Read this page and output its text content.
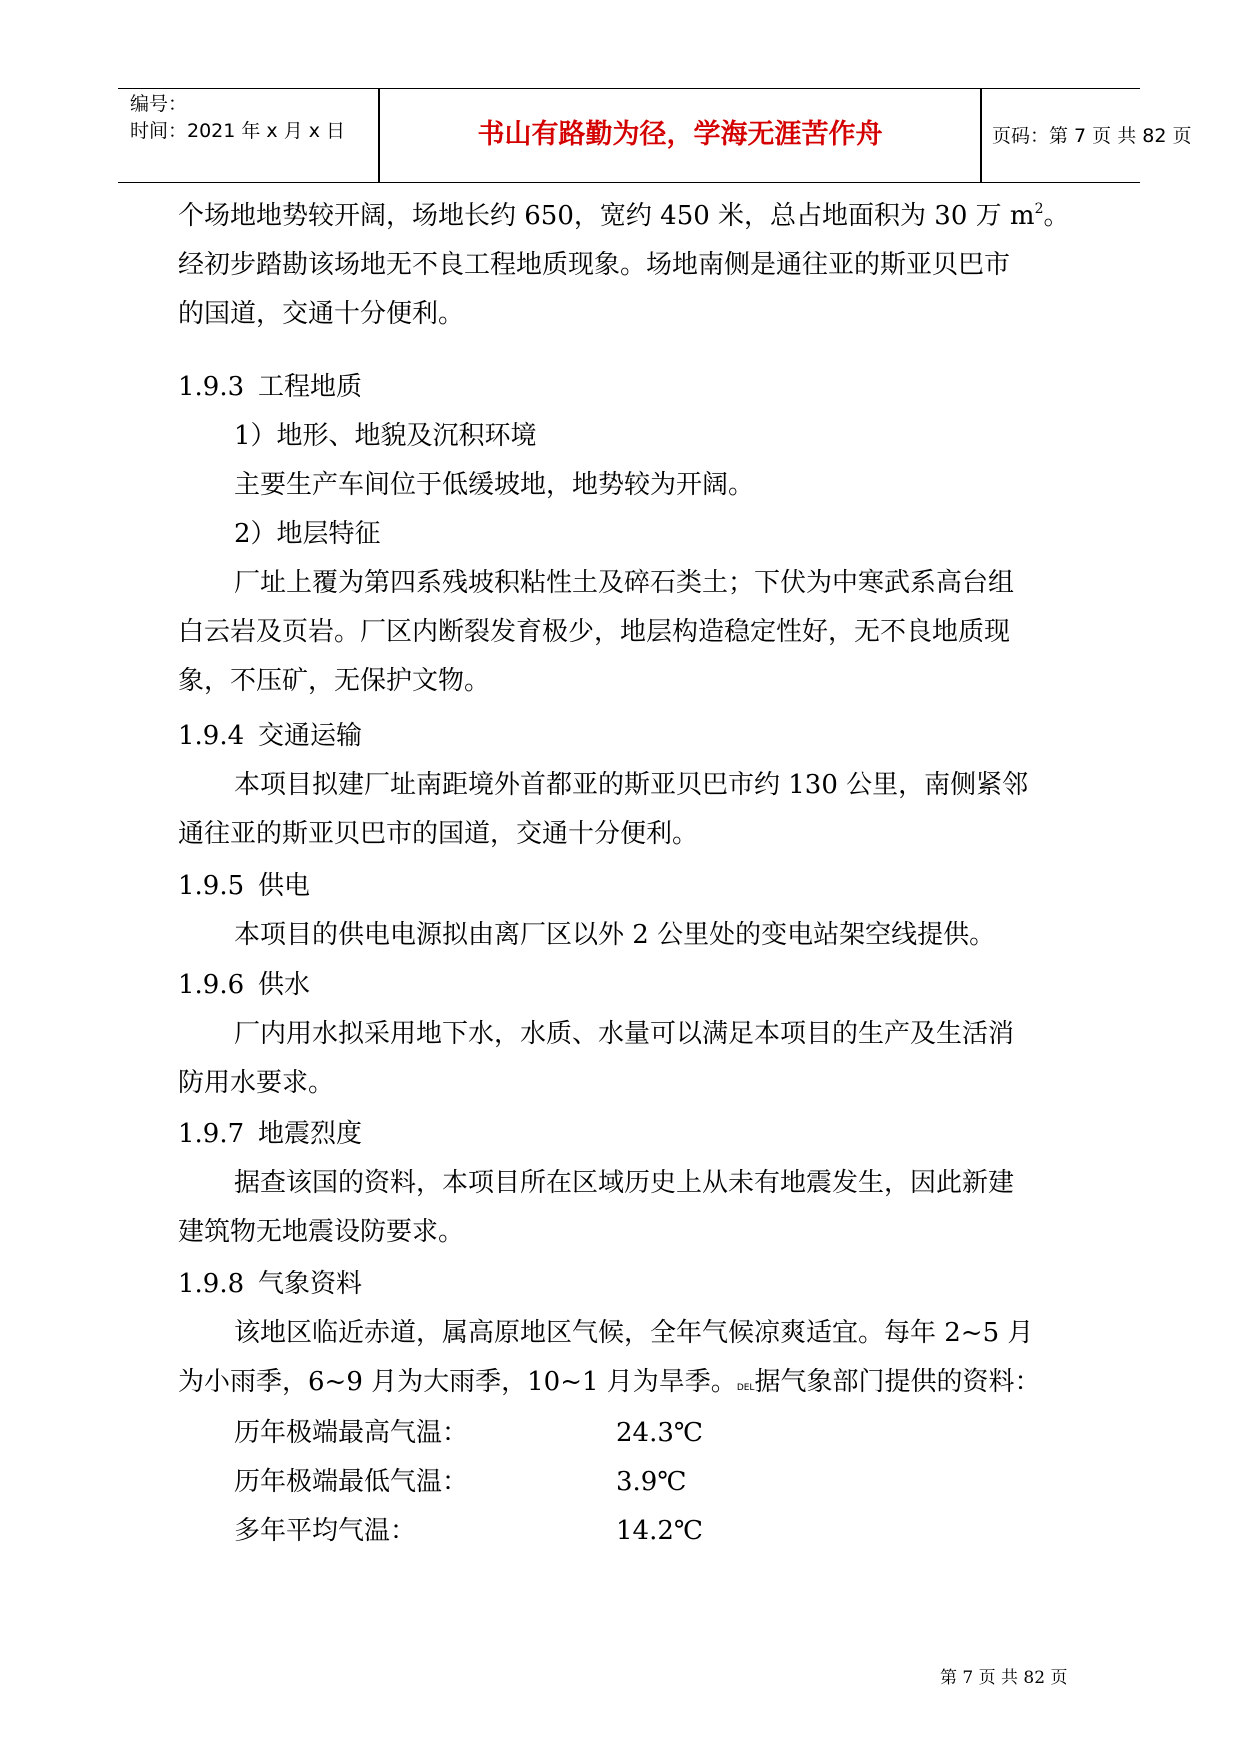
编号：
时间：2021 年 x 月 x 日	书山有路勤为径，学海无涯苦作舟	页码：第 7 页 共 82 页
个场地地势较开阔，场地长约 650，宽约 450 米，总占地面积为 30 万 $m^2$。
经初步踏勘该场地无不良工程地质现象。场地南侧是通往亚的斯亚贝巴市
的国道，交通十分便利。
1.9.3 工程地质
1）地形、地貌及沉积环境
主要生产车间位于低缓坡地，地势较为开阔。
2）地层特征
厂址上覆为第四系残坡积粘性土及碎石类土；下伏为中寒武系高台组
白云岩及页岩。厂区内断裂发育极少，地层构造稳定性好，无不良地质现
象，不压矿，无保护文物。
1.9.4 交通运输
本项目拟建厂址南距境外首都亚的斯亚贝巴市约 130 公里，南侧紧邻
通往亚的斯亚贝巴市的国道，交通十分便利。
1.9.5 供电
本项目的供电电源拟由离厂区以外 2 公里处的变电站架空线提供。
1.9.6 供水
厂内用水拟采用地下水，水质、水量可以满足本项目的生产及生活消
防用水要求。
1.9.7 地震烈度
据查该国的资料，本项目所在区域历史上从未有地震发生，因此新建
建筑物无地震设防要求。
1.9.8 气象资料
该地区临近赤道，属高原地区气候，全年气候凉爽适宜。每年 2~5 月
为小雨季，6~9 月为大雨季，10~1 月为旱季。DEL据气象部门提供的资料：
历年极端最高气温：	24.3℃
历年极端最低气温：	3.9℃
多年平均气温：	14.2℃
第 7 页 共 82 页
